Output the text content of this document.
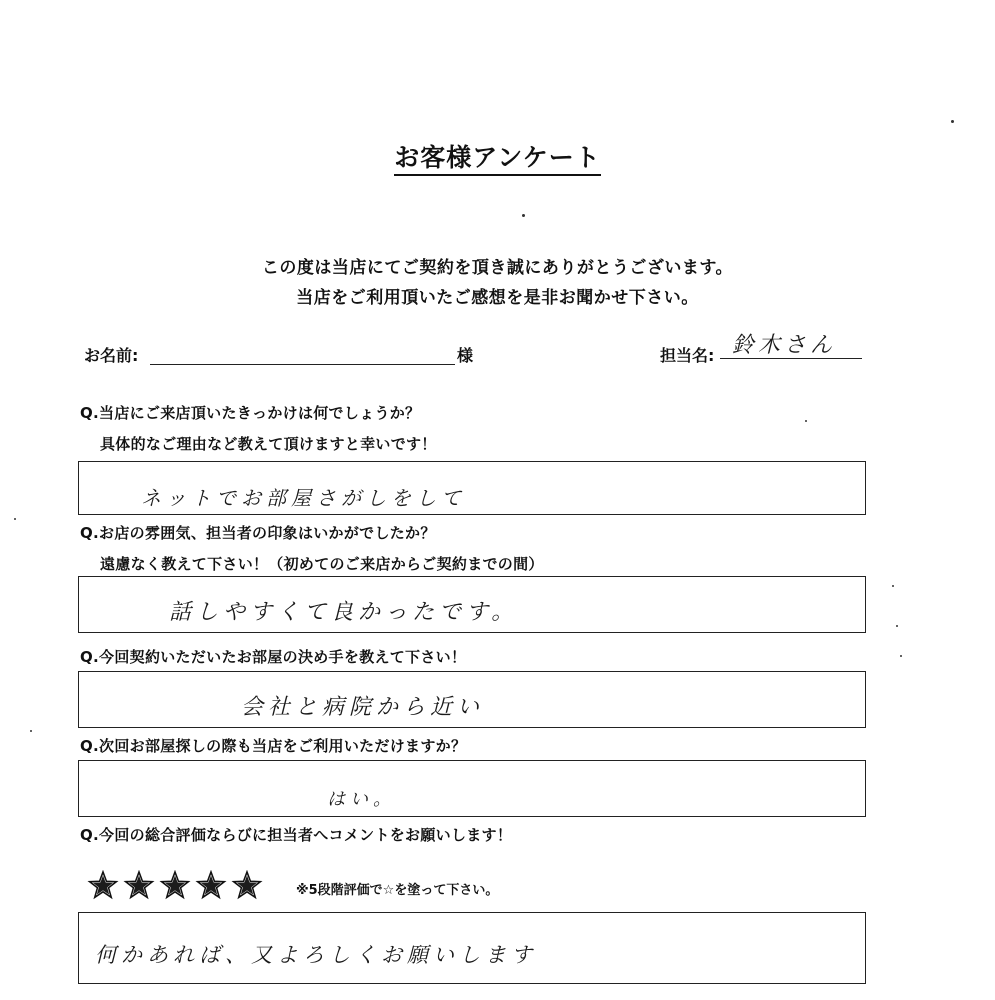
お客様アンケート
この度は当店にてご契約を頂き誠にありがとうございます。
当店をご利用頂いたご感想を是非お聞かせ下さい。
お名前:	様	担当名: 鈴木さん
Q.当店にご来店頂いたきっかけは何でしょうか？
具体的なご理由など教えて頂けますと幸いです！
ネットでお部屋さがしをして
Q.お店の雰囲気、担当者の印象はいかがでしたか？
遠慮なく教えて下さい！（初めてのご来店からご契約までの間）
話しやすくて良かったです。
Q.今回契約いただいたお部屋の決め手を教えて下さい！
会社と病院から近い
Q.次回お部屋探しの際も当店をご利用いただけますか？
はい。
Q.今回の総合評価ならびに担当者へコメントをお願いします！
※5段階評価で☆を塗って下さい。
何かあれば、又よろしくお願いします
